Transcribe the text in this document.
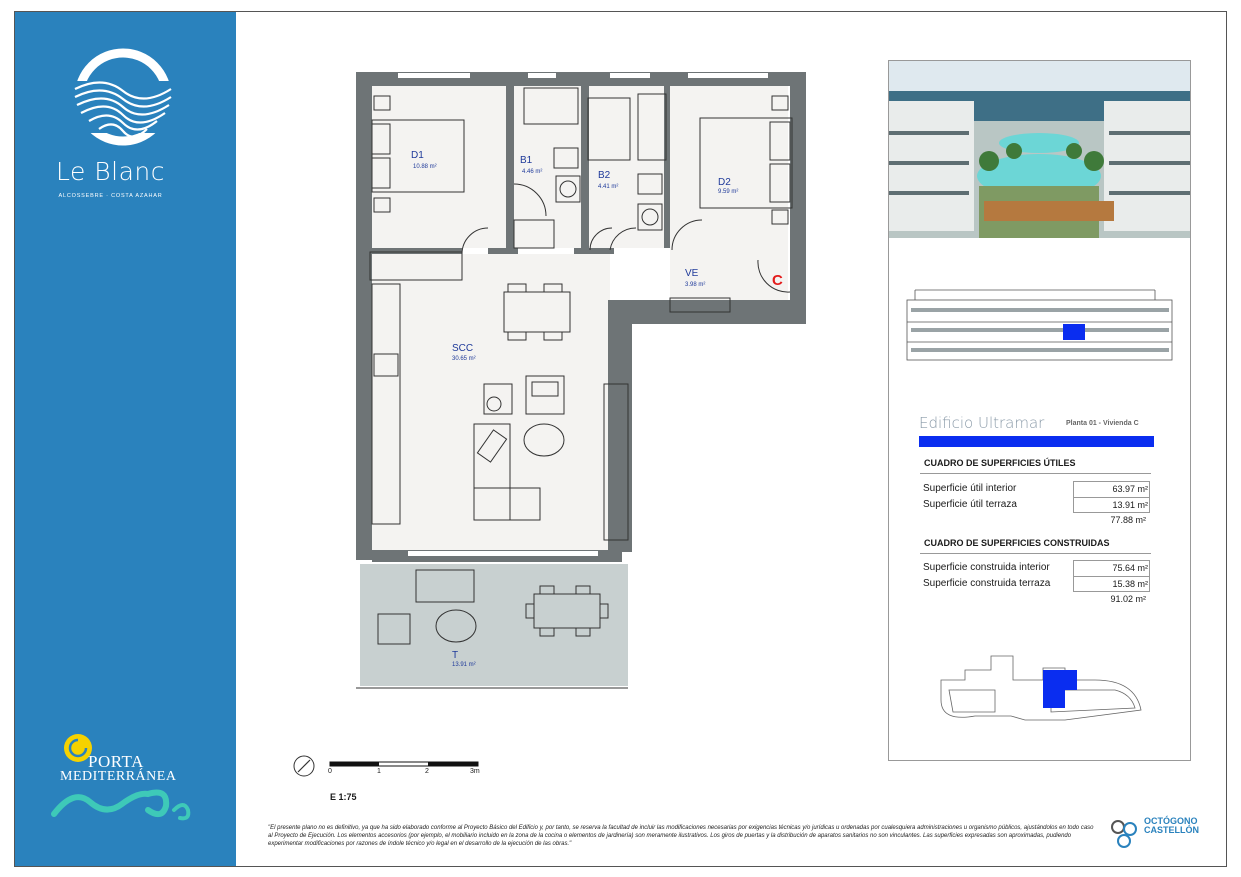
Le Blanc
ALCOSSEBRE · COSTA AZAHAR
PORTA
MEDITERRÁNEA
C
D1
10.88 m²
B1
4.46 m²	B2
4.41 m²	D2
9.59 m²
VE
3.98 m²
SCC
30.65 m²
T
13.91 m²
0	1	2	3m
E 1:75
"El presente plano no es definitivo, ya que ha sido elaborado conforme al Proyecto Básico del Edificio y, por tanto, se reserva la facultad de incluir las modificaciones necesarias por exigencias técnicas y/o jurídicas u ordenadas por cualesquiera administraciones u organismo públicos, ajustándolos en todo caso al Proyecto de Ejecución. Los elementos accesorios (por ejemplo, el mobiliario incluido en la zona de la cocina o elementos de jardinería) son meramente ilustrativos. Los giros de puertas y la distribución de aparatos sanitarios no son vinculantes. Las superficies expresadas son aproximadas, pudiendo experimentar modificaciones por razones de índole técnico y/o legal en el desarrollo de la ejecución de las obras."
OCTÓGONO
CASTELLÓN
Edificio Ultramar	Planta 01 - Vivienda C
CUADRO DE SUPERFICIES ÚTILES
Superficie útil interior	63.97 m²
Superficie útil terraza	13.91 m²
77.88 m²
CUADRO DE SUPERFICIES CONSTRUIDAS
Superficie construida interior	75.64 m²
Superficie construida terraza	15.38 m²
91.02 m²
